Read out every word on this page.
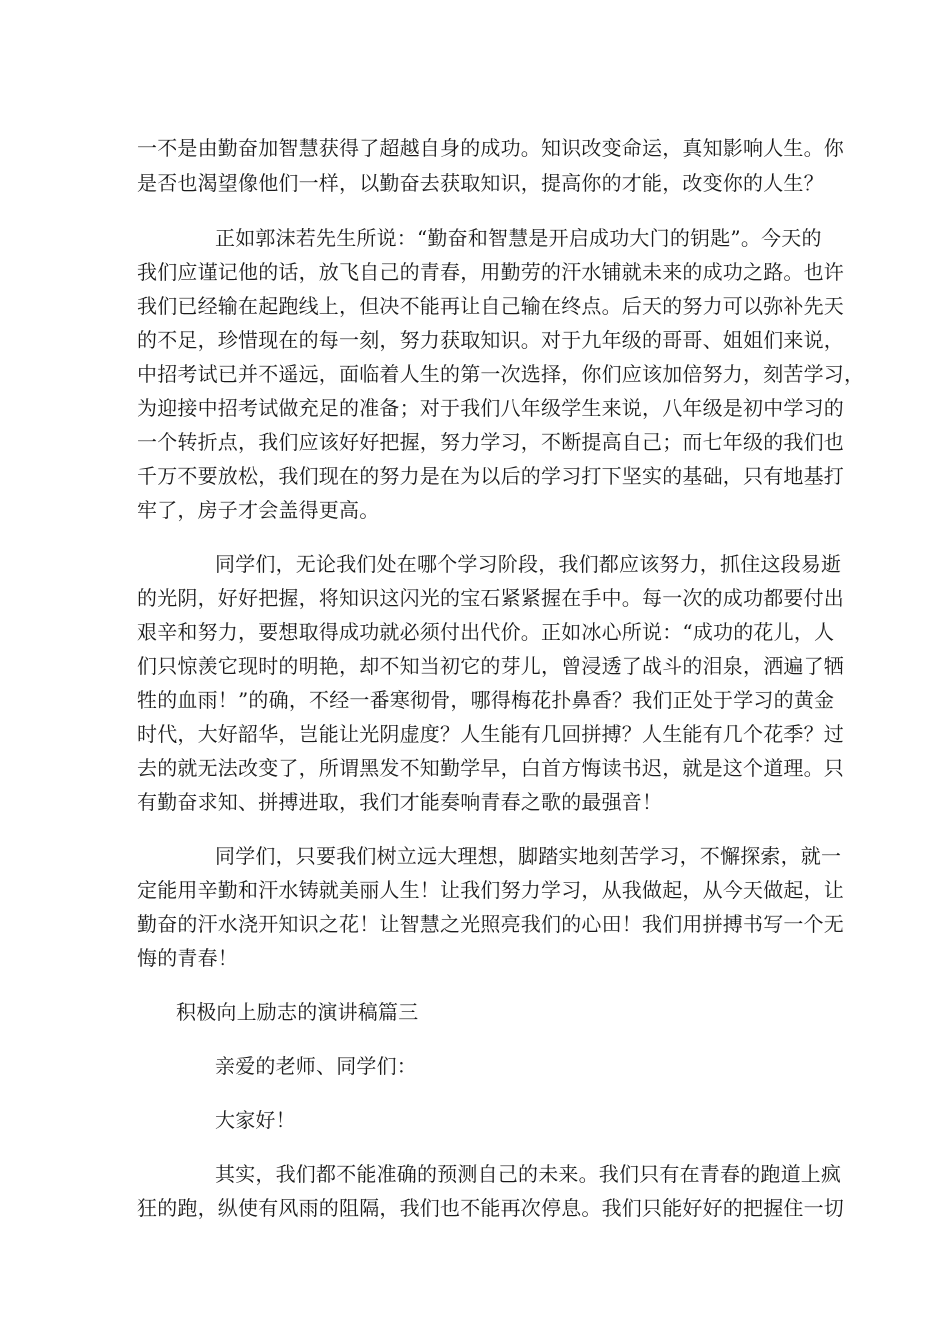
一不是由勤奋加智慧获得了超越自身的成功。知识改变命运，真知影响人生。你
是否也渴望像他们一样，以勤奋去获取知识，提高你的才能，改变你的人生？
正如郭沫若先生所说：“勤奋和智慧是开启成功大门的钥匙”。今天的
我们应谨记他的话，放飞自己的青春，用勤劳的汗水铺就未来的成功之路。也许
我们已经输在起跑线上，但决不能再让自己输在终点。后天的努力可以弥补先天
的不足，珍惜现在的每一刻，努力获取知识。对于九年级的哥哥、姐姐们来说，
中招考试已并不遥远，面临着人生的第一次选择，你们应该加倍努力，刻苦学习，
为迎接中招考试做充足的准备；对于我们八年级学生来说，八年级是初中学习的
一个转折点，我们应该好好把握，努力学习，不断提高自己；而七年级的我们也
千万不要放松，我们现在的努力是在为以后的学习打下坚实的基础，只有地基打
牢了，房子才会盖得更高。
同学们，无论我们处在哪个学习阶段，我们都应该努力，抓住这段易逝
的光阴，好好把握，将知识这闪光的宝石紧紧握在手中。每一次的成功都要付出
艰辛和努力，要想取得成功就必须付出代价。正如冰心所说：“成功的花儿，人
们只惊羡它现时的明艳，却不知当初它的芽儿，曾浸透了战斗的泪泉，洒遍了牺
牲的血雨！”的确，不经一番寒彻骨，哪得梅花扑鼻香？我们正处于学习的黄金
时代，大好韶华，岂能让光阴虚度？人生能有几回拼搏？人生能有几个花季？过
去的就无法改变了，所谓黑发不知勤学早，白首方悔读书迟，就是这个道理。只
有勤奋求知、拼搏进取，我们才能奏响青春之歌的最强音！
同学们，只要我们树立远大理想，脚踏实地刻苦学习，不懈探索，就一
定能用辛勤和汗水铸就美丽人生！让我们努力学习，从我做起，从今天做起，让
勤奋的汗水浇开知识之花！让智慧之光照亮我们的心田！我们用拼搏书写一个无
悔的青春！
积极向上励志的演讲稿篇三
亲爱的老师、同学们：
大家好！
其实，我们都不能准确的预测自己的未来。我们只有在青春的跑道上疯
狂的跑，纵使有风雨的阻隔，我们也不能再次停息。我们只能好好的把握住一切
